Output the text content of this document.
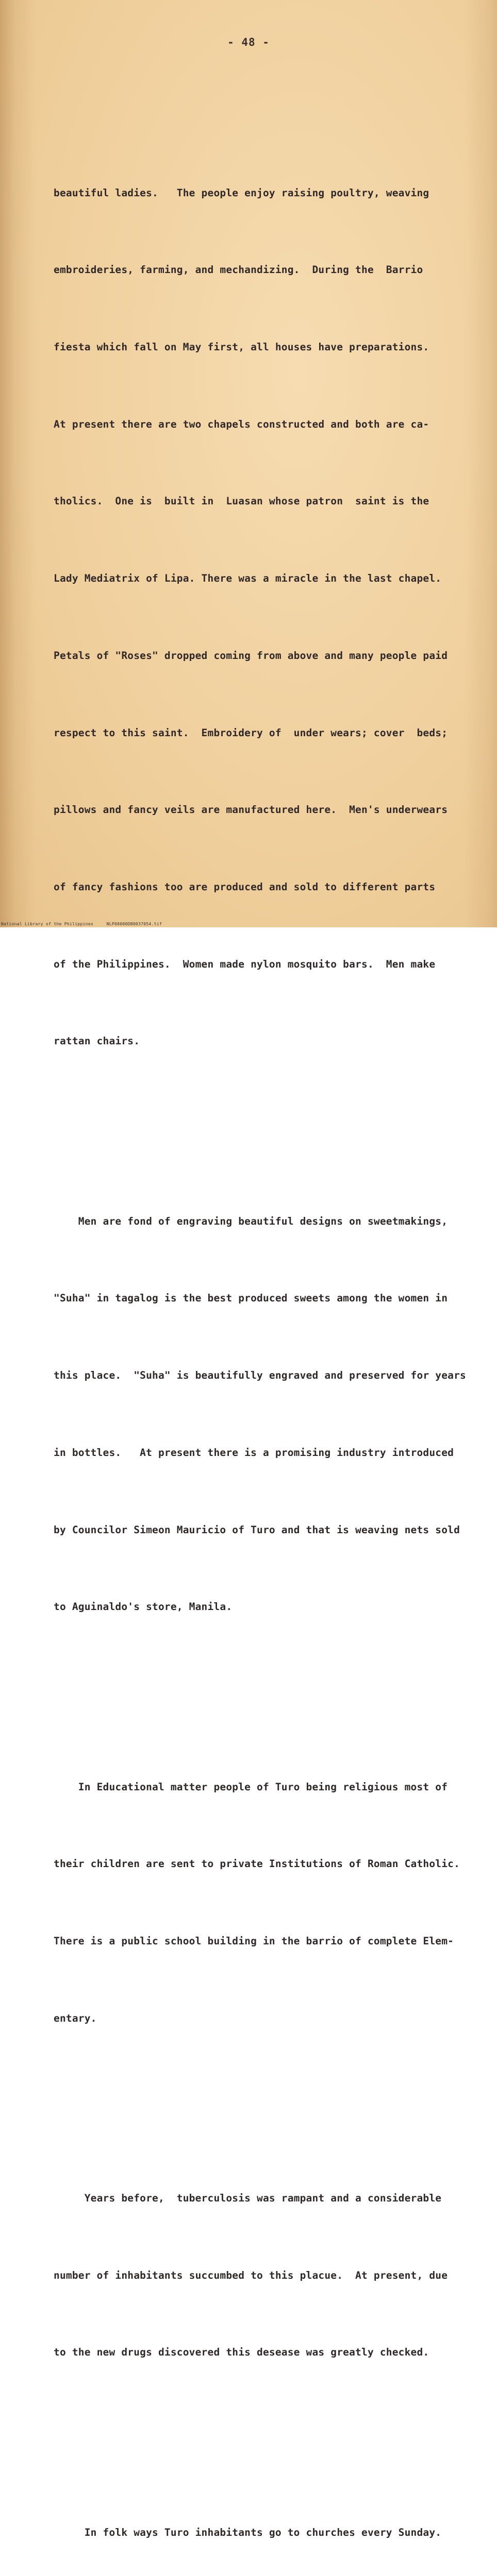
- 48 -

beautiful ladies.   The people enjoy raising poultry, weaving

embroideries, farming, and mechandizing.  During the  Barrio

fiesta which fall on May first, all houses have preparations.

At present there are two chapels constructed and both are ca-

tholics.  One is  built in  Luasan whose patron  saint is the

Lady Mediatrix of Lipa. There was a miracle in the last chapel.

Petals of "Roses" dropped coming from above and many people paid

respect to this saint.  Embroidery of  under wears; cover  beds;

pillows and fancy veils are manufactured here.  Men's underwears

of fancy fashions too are produced and sold to different parts

of the Philippines.  Women made nylon mosquito bars.  Men make

rattan chairs.

Men are fond of engraving beautiful designs on sweetmakings,

"Suha" in tagalog is the best produced sweets among the women in

this place.  "Suha" is beautifully engraved and preserved for years

in bottles.   At present there is a promising industry introduced

by Councilor Simeon Mauricio of Turo and that is weaving nets sold

to Aguinaldo's store, Manila.

In Educational matter people of Turo being religious most of

their children are sent to private Institutions of Roman Catholic.

There is a public school building in the barrio of complete Elem-

entary.

Years before,  tuberculosis was rampant and a considerable

number of inhabitants succumbed to this placue.  At present, due

to the new drugs discovered this desease was greatly checked.

In folk ways Turo inhabitants go to churches every Sunday.

National Library of the Philippines     NLP00000DB0037054.tif
